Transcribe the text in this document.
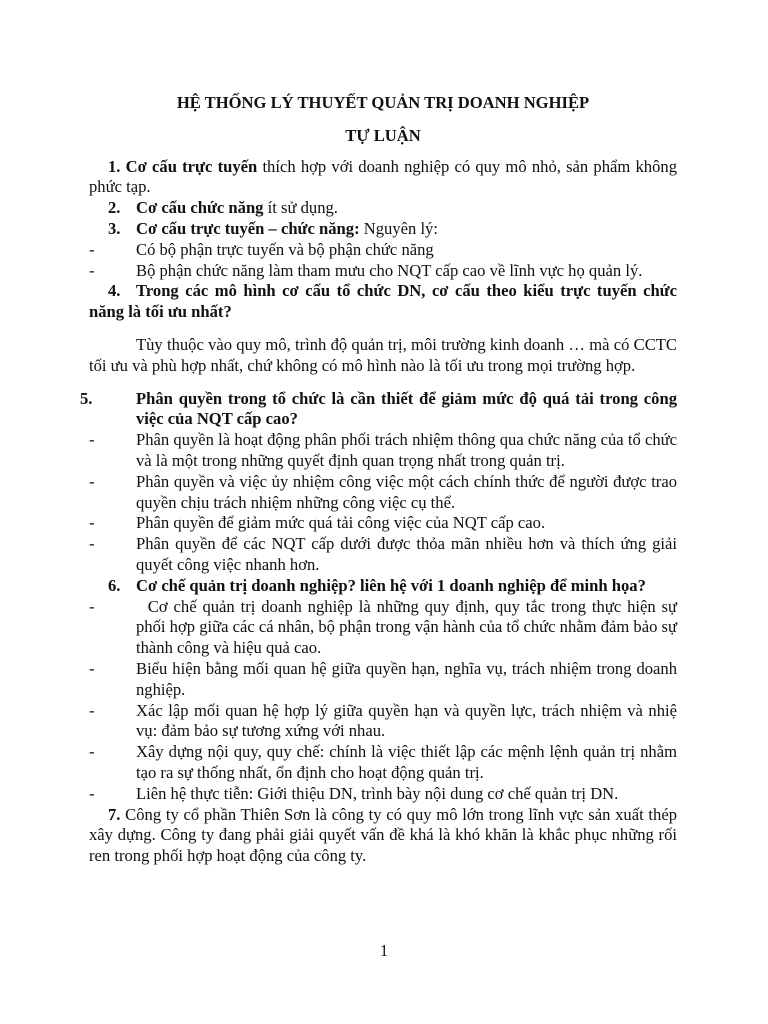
HỆ THỐNG LÝ THUYẾT QUẢN TRỊ DOANH NGHIỆP
TỰ LUẬN

1. Cơ cấu trực tuyến thích hợp với doanh nghiệp có quy mô nhỏ, sản phẩm không phức tạp.

2. Cơ cấu chức năng ít sử dụng.

3. Cơ cấu trực tuyến – chức năng: Nguyên lý:

- Có bộ phận trực tuyến và bộ phận chức năng

- Bộ phận chức năng làm tham mưu cho NQT cấp cao về lĩnh vực họ quản lý.

4. Trong các mô hình cơ cấu tổ chức DN, cơ cấu theo kiểu trực tuyến chức năng là tối ưu nhất?

Tùy thuộc vào quy mô, trình độ quản trị, môi trường kinh doanh … mà có CCTC tối ưu và phù hợp nhất, chứ không có mô hình nào là tối ưu trong mọi trường hợp.

5.	Phân quyền trong tổ chức là cần thiết để giảm mức độ quá tải trong công việc của NQT cấp cao?

- Phân quyền là hoạt động phân phối trách nhiệm thông qua chức năng của tổ chức và là một trong những quyết định quan trọng nhất trong quản trị.

- Phân quyền và việc ủy nhiệm công việc một cách chính thức để người được trao quyền chịu trách nhiệm những công việc cụ thể.

- Phân quyền để giảm mức quá tải công việc của NQT cấp cao.

- Phân quyền để các NQT cấp dưới được thỏa mãn nhiều hơn và thích ứng giải quyết công việc nhanh hơn.

6. Cơ chế quản trị doanh nghiệp? liên hệ với 1 doanh nghiệp để minh họa?

-   Cơ chế quản trị doanh nghiệp là những quy định, quy tắc trong thực hiện sự phối hợp giữa các cá nhân, bộ phận trong vận hành của tổ chức nhằm đảm bảo sự thành công và hiệu quả cao.

- Biểu hiện bằng mối quan hệ giữa quyền hạn, nghĩa vụ, trách nhiệm trong doanh nghiệp.

- Xác lập mối quan hệ hợp lý giữa quyền hạn và quyền lực, trách nhiệm và nhiệ vụ: đảm bảo sự tương xứng với nhau.

- Xây dựng nội quy, quy chế: chính là việc thiết lập các mệnh lệnh quản trị nhằm tạo ra sự thống nhất, ổn định cho hoạt động quản trị.

- Liên hệ thực tiễn: Giới thiệu DN, trình bày nội dung cơ chế quản trị DN.

7. Công ty cổ phần Thiên Sơn là công ty có quy mô lớn trong lĩnh vực sản xuất thép xây dựng. Công ty đang phải giải quyết vấn đề khá là khó khăn là khắc phục những rối ren trong phối hợp hoạt động của công ty.

1
